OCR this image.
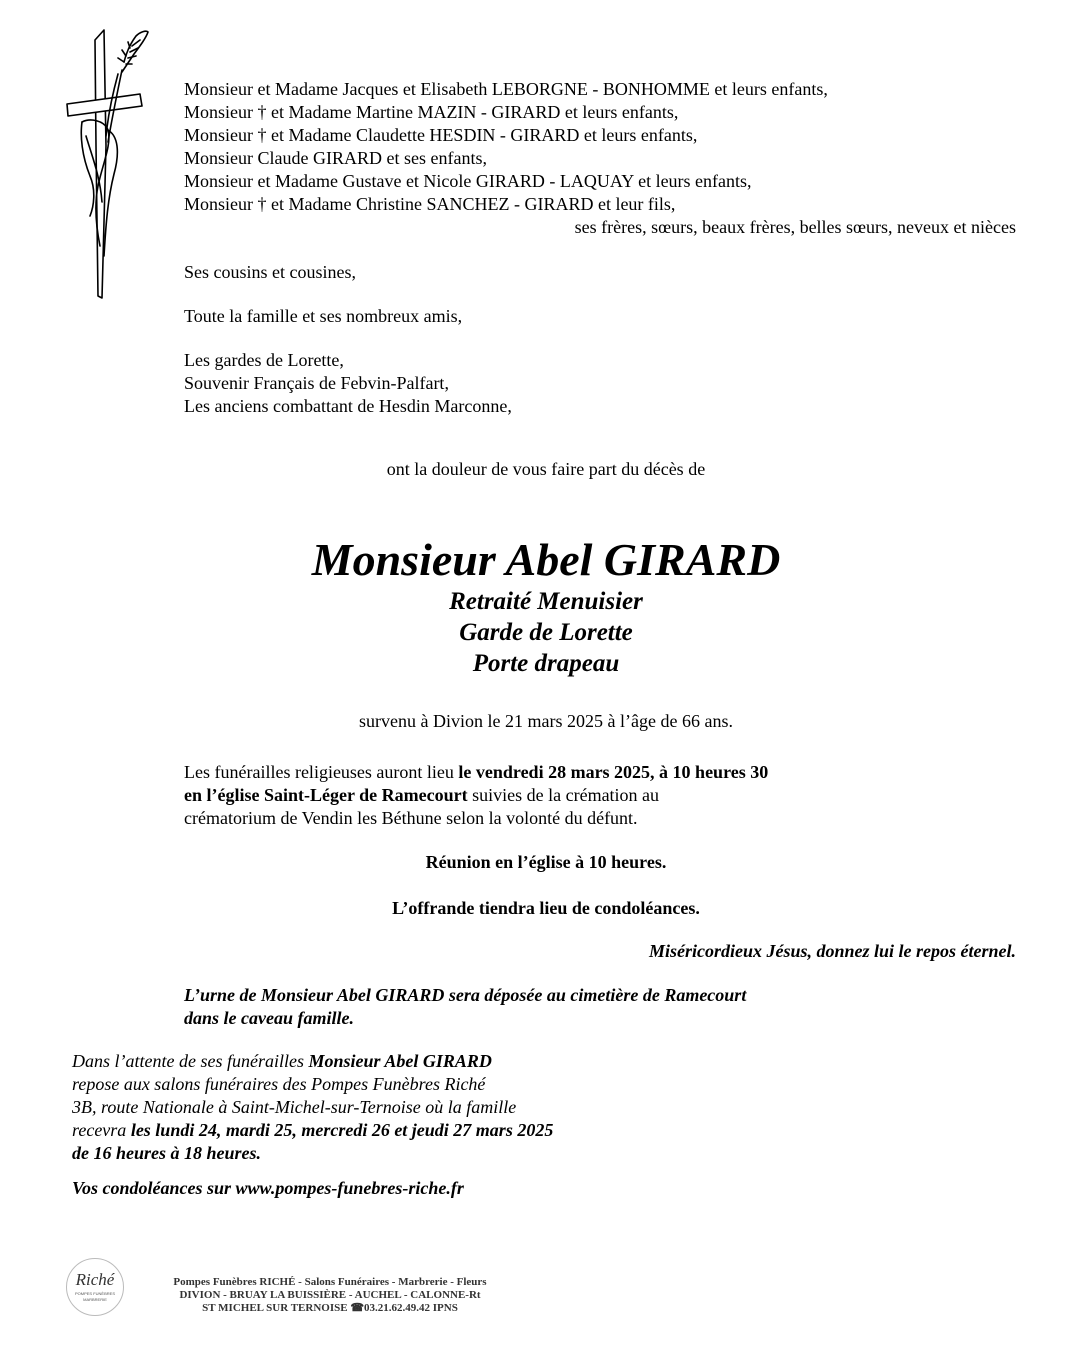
Monsieur et Madame Jacques et Elisabeth LEBORGNE - BONHOMME et leurs enfants,
Monsieur † et Madame Martine MAZIN - GIRARD et leurs enfants,
Monsieur † et Madame Claudette HESDIN - GIRARD et leurs enfants,
Monsieur Claude GIRARD et ses enfants,
Monsieur et Madame Gustave et Nicole GIRARD - LAQUAY et leurs enfants,
Monsieur † et Madame Christine SANCHEZ - GIRARD et leur fils,
ses frères, sœurs, beaux frères, belles sœurs, neveux et nièces
Ses cousins et cousines,
Toute la famille et ses nombreux amis,
Les gardes de Lorette,
Souvenir Français de Febvin-Palfart,
Les anciens combattant de Hesdin Marconne,
ont la douleur de vous faire part du décès de
Monsieur Abel GIRARD
Retraité Menuisier
Garde de Lorette
Porte drapeau
survenu à Divion le 21 mars 2025 à l’âge de 66 ans.
Les funérailles religieuses auront lieu le vendredi 28 mars 2025, à 10 heures 30
en l’église Saint-Léger de Ramecourt suivies de la crémation au
crématorium de Vendin les Béthune selon la volonté du défunt.
Réunion en l’église à 10 heures.
L’offrande tiendra lieu de condoléances.
Miséricordieux Jésus, donnez lui le repos éternel.
L’urne de Monsieur Abel GIRARD sera déposée au cimetière de Ramecourt
dans le caveau famille.
Dans l’attente de ses funérailles Monsieur Abel GIRARD
repose aux salons funéraires des Pompes Funèbres Riché
3B, route Nationale à Saint-Michel-sur-Ternoise où la famille
recevra les lundi 24, mardi 25, mercredi 26 et jeudi 27 mars 2025
de 16 heures à 18 heures.
Vos condoléances sur www.pompes-funebres-riche.fr
Riché
POMPES FUNÈBRES
MARBRERIE
Pompes Funèbres RICHÉ - Salons Funéraires - Marbrerie - Fleurs
DIVION - BRUAY LA BUISSIÈRE - AUCHEL - CALONNE-Rt
ST MICHEL SUR TERNOISE ☎03.21.62.49.42 IPNS
